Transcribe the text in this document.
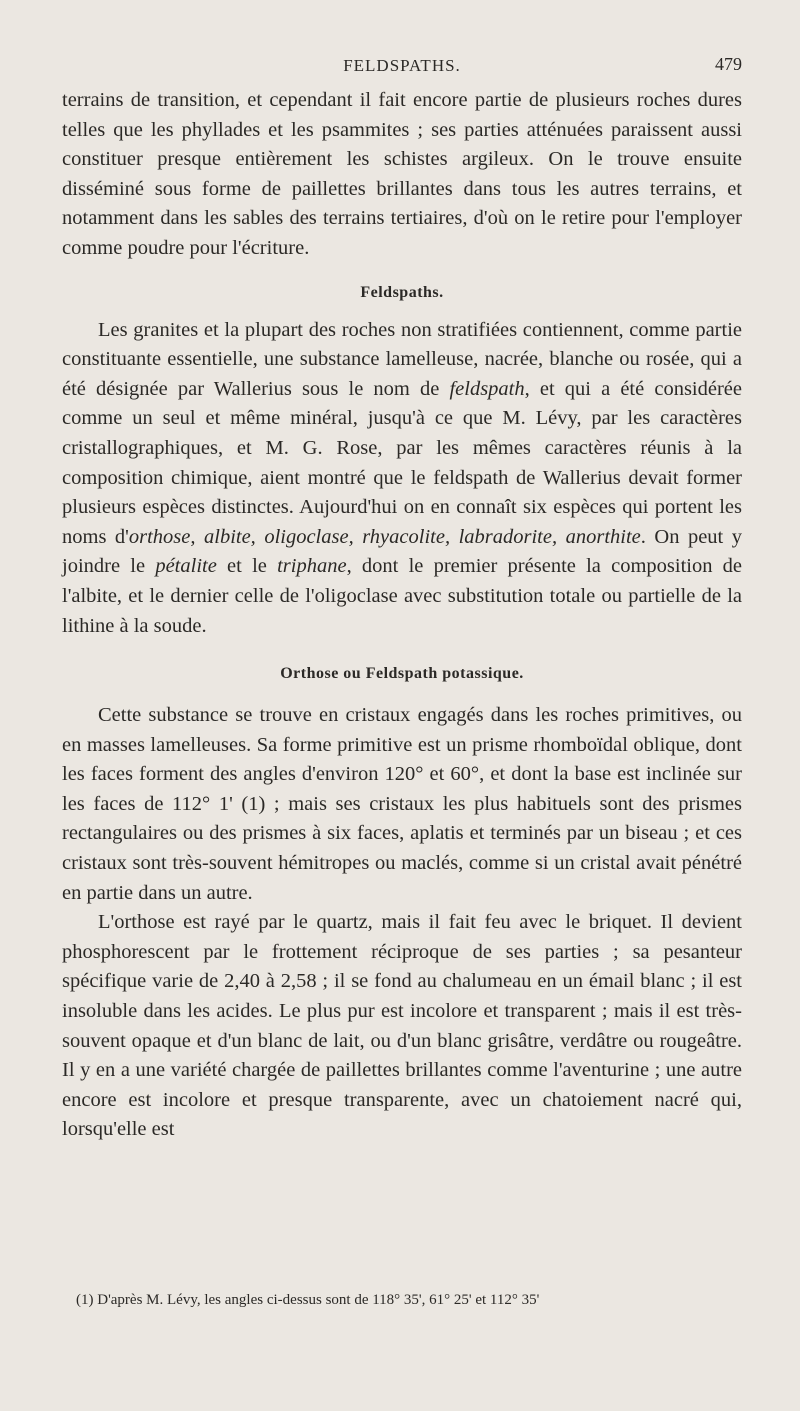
FELDSPATHS.	479

terrains de transition, et cependant il fait encore partie de plusieurs roches dures telles que les phyllades et les psammites ; ses parties atténuées paraissent aussi constituer presque entièrement les schistes argileux. On le trouve ensuite disséminé sous forme de paillettes brillantes dans tous les autres terrains, et notamment dans les sables des terrains tertiaires, d'où on le retire pour l'employer comme poudre pour l'écriture.

Feldspaths.

Les granites et la plupart des roches non stratifiées contiennent, comme partie constituante essentielle, une substance lamelleuse, nacrée, blanche ou rosée, qui a été désignée par Wallerius sous le nom de feldspath, et qui a été considérée comme un seul et même minéral, jusqu'à ce que M. Lévy, par les caractères cristallographiques, et M. G. Rose, par les mêmes caractères réunis à la composition chimique, aient montré que le feldspath de Wallerius devait former plusieurs espèces distinctes. Aujourd'hui on en connaît six espèces qui portent les noms d'orthose, albite, oligoclase, rhyacolite, labradorite, anorthite. On peut y joindre le pétalite et le triphane, dont le premier présente la composition de l'albite, et le dernier celle de l'oligoclase avec substitution totale ou partielle de la lithine à la soude.

Orthose ou Feldspath potassique.

Cette substance se trouve en cristaux engagés dans les roches primitives, ou en masses lamelleuses. Sa forme primitive est un prisme rhomboïdal oblique, dont les faces forment des angles d'environ 120° et 60°, et dont la base est inclinée sur les faces de 112° 1' (1) ; mais ses cristaux les plus habituels sont des prismes rectangulaires ou des prismes à six faces, aplatis et terminés par un biseau ; et ces cristaux sont très-souvent hémitropes ou maclés, comme si un cristal avait pénétré en partie dans un autre.

L'orthose est rayé par le quartz, mais il fait feu avec le briquet. Il devient phosphorescent par le frottement réciproque de ses parties ; sa pesanteur spécifique varie de 2,40 à 2,58 ; il se fond au chalumeau en un émail blanc ; il est insoluble dans les acides. Le plus pur est incolore et transparent ; mais il est très-souvent opaque et d'un blanc de lait, ou d'un blanc grisâtre, verdâtre ou rougeâtre. Il y en a une variété chargée de paillettes brillantes comme l'aventurine ; une autre encore est incolore et presque transparente, avec un chatoiement nacré qui, lorsqu'elle est

(1) D'après M. Lévy, les angles ci-dessus sont de 118° 35', 61° 25' et 112° 35'
